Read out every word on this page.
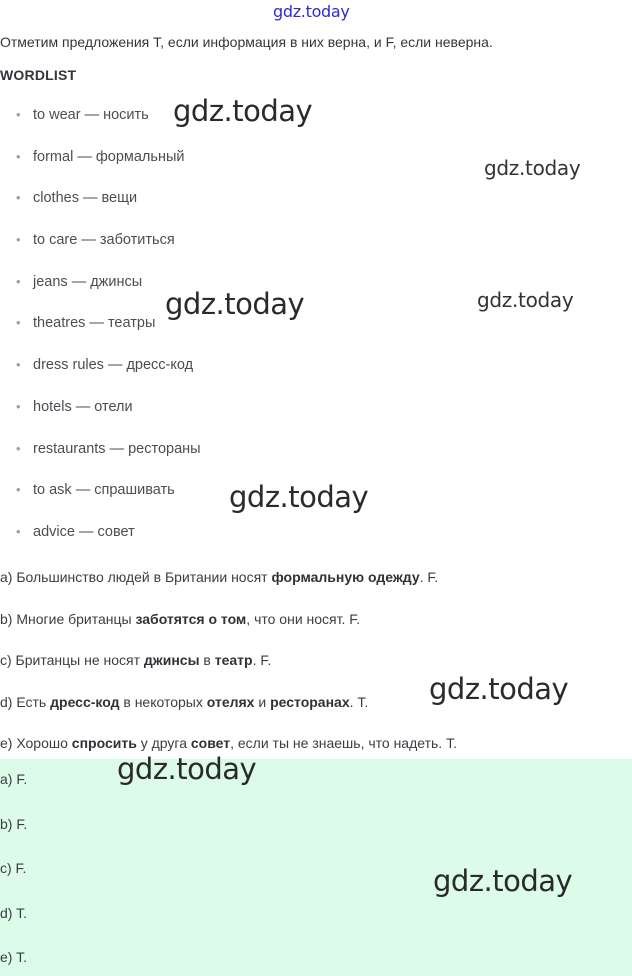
gdz.today
Отметим предложения T, если информация в них верна, и F, если неверна.
WORDLIST
• to wear — носить
• formal — формальный
• clothes — вещи
• to care — заботиться
• jeans — джинсы
• theatres — театры
• dress rules — дресс-код
• hotels — отели
• restaurants — рестораны
• to ask — спрашивать
• advice — совет
a) Большинство людей в Британии носят формальную одежду. F.
b) Многие британцы заботятся о том, что они носят. F.
c) Британцы не носят джинсы в театр. F.
d) Есть дресс-код в некоторых отелях и ресторанах. T.
e) Хорошо спросить у друга совет, если ты не знаешь, что надеть. T.
a) F.
b) F.
c) F.
d) T.
e) T.
gdz.today
gdz.today
gdz.today	gdz.today
gdz.today
gdz.today
gdz.today
gdz.today
